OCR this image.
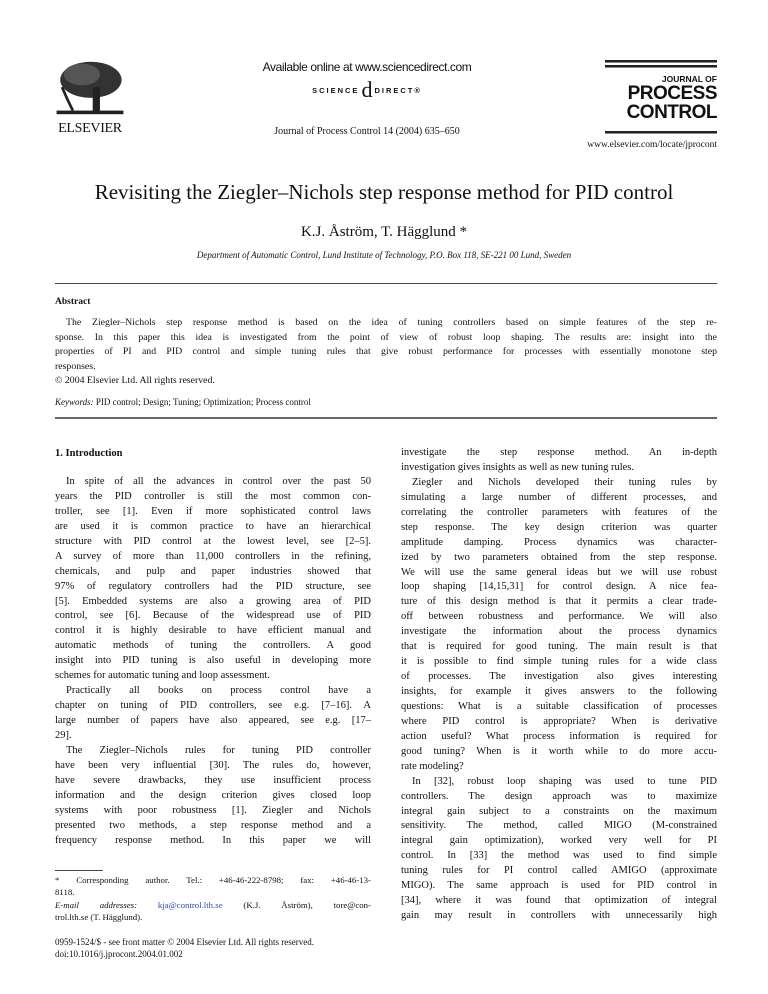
ELSEVIER
Available online at www.sciencedirect.com
SCIENCEd DIRECT®
Journal of Process Control 14 (2004) 635–650
JOURNAL OF
PROCESS
CONTROL
www.elsevier.com/locate/jprocont
Revisiting the Ziegler–Nichols step response method for PID control
K.J. Åström, T. Hägglund *
Department of Automatic Control, Lund Institute of Technology, P.O. Box 118, SE-221 00 Lund, Sweden
Abstract
The Ziegler–Nichols step response method is based on the idea of tuning controllers based on simple features of the step re-
sponse. In this paper this idea is investigated from the point of view of robust loop shaping. The results are: insight into the
properties of PI and PID control and simple tuning rules that give robust performance for processes with essentially monotone step
responses.
© 2004 Elsevier Ltd. All rights reserved.
Keywords: PID control; Design; Tuning; Optimization; Process control
1. Introduction
In spite of all the advances in control over the past 50
years the PID controller is still the most common con-
troller, see [1]. Even if more sophisticated control laws
are used it is common practice to have an hierarchical
structure with PID control at the lowest level, see [2–5].
A survey of more than 11,000 controllers in the refining,
chemicals, and pulp and paper industries showed that
97% of regulatory controllers had the PID structure, see
[5]. Embedded systems are also a growing area of PID
control, see [6]. Because of the widespread use of PID
control it is highly desirable to have efficient manual and
automatic methods of tuning the controllers. A good
insight into PID tuning is also useful in developing more
schemes for automatic tuning and loop assessment.
Practically all books on process control have a
chapter on tuning of PID controllers, see e.g. [7–16]. A
large number of papers have also appeared, see e.g. [17–
29].
The Ziegler–Nichols rules for tuning PID controller
have been very influential [30]. The rules do, however,
have severe drawbacks, they use insufficient process
information and the design criterion gives closed loop
systems with poor robustness [1]. Ziegler and Nichols
presented two methods, a step response method and a
frequency response method. In this paper we will
investigate the step response method. An in-depth
investigation gives insights as well as new tuning rules.
Ziegler and Nichols developed their tuning rules by
simulating a large number of different processes, and
correlating the controller parameters with features of the
step response. The key design criterion was quarter
amplitude damping. Process dynamics was character-
ized by two parameters obtained from the step response.
We will use the same general ideas but we will use robust
loop shaping [14,15,31] for control design. A nice fea-
ture of this design method is that it permits a clear trade-
off between robustness and performance. We will also
investigate the information about the process dynamics
that is required for good tuning. The main result is that
it is possible to find simple tuning rules for a wide class
of processes. The investigation also gives interesting
insights, for example it gives answers to the following
questions: What is a suitable classification of processes
where PID control is appropriate? When is derivative
action useful? What process information is required for
good tuning? When is it worth while to do more accu-
rate modeling?
In [32], robust loop shaping was used to tune PID
controllers. The design approach was to maximize
integral gain subject to a constraints on the maximum
sensitivity. The method, called MIGO (M-constrained
integral gain optimization), worked very well for PI
control. In [33] the method was used to find simple
tuning rules for PI control called AMIGO (approximate
MIGO). The same approach is used for PID control in
[34], where it was found that optimization of integral
gain may result in controllers with unnecessarily high
* Corresponding author. Tel.: +46-46-222-8798; fax: +46-46-13-
8118.
E-mail addresses: kja@control.lth.se (K.J. Åström), tore@con-
trol.lth.se (T. Hägglund).
0959-1524/$ - see front matter © 2004 Elsevier Ltd. All rights reserved.
doi:10.1016/j.jprocont.2004.01.002
